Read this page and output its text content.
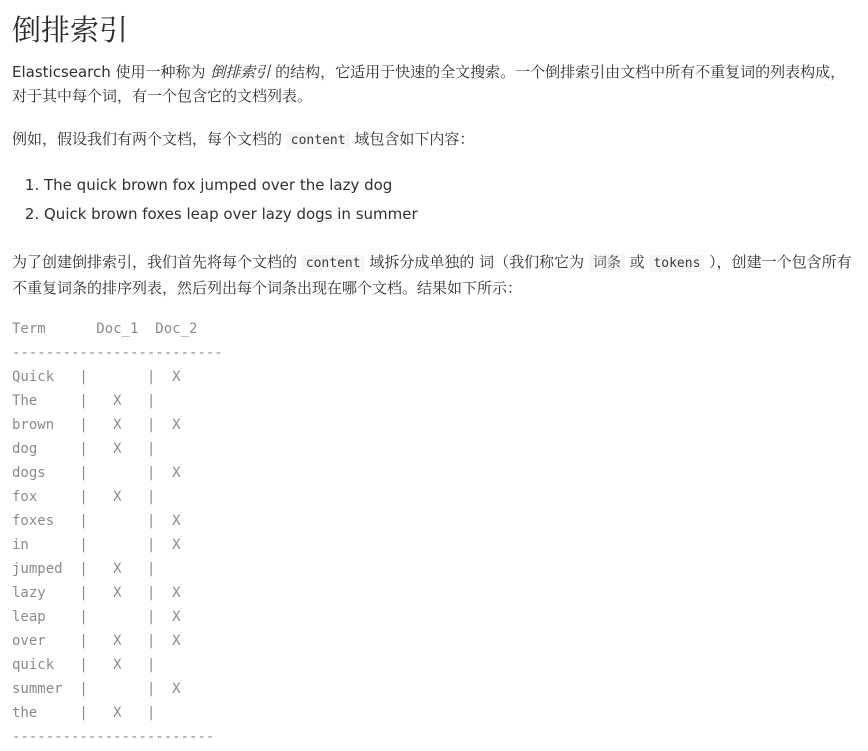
倒排索引
Elasticsearch 使用一种称为 倒排索引 的结构，它适用于快速的全文搜索。一个倒排索引由文档中所有不重复词的列表构成，对于其中每个词，有一个包含它的文档列表。
例如，假设我们有两个文档，每个文档的 content 域包含如下内容：
1. The quick brown fox jumped over the lazy dog
2. Quick brown foxes leap over lazy dogs in summer
为了创建倒排索引，我们首先将每个文档的 content 域拆分成单独的 词（我们称它为 词条 或 tokens ），创建一个包含所有不重复词条的排序列表，然后列出每个词条出现在哪个文档。结果如下所示：
Term      Doc_1  Doc_2
-------------------------
Quick   |       |  X
The     |   X   |
brown   |   X   |  X
dog     |   X   |
dogs    |       |  X
fox     |   X   |
foxes   |       |  X
in      |       |  X
jumped  |   X   |
lazy    |   X   |  X
leap    |       |  X
over    |   X   |  X
quick   |   X   |
summer  |       |  X
the     |   X   |
------------------------
